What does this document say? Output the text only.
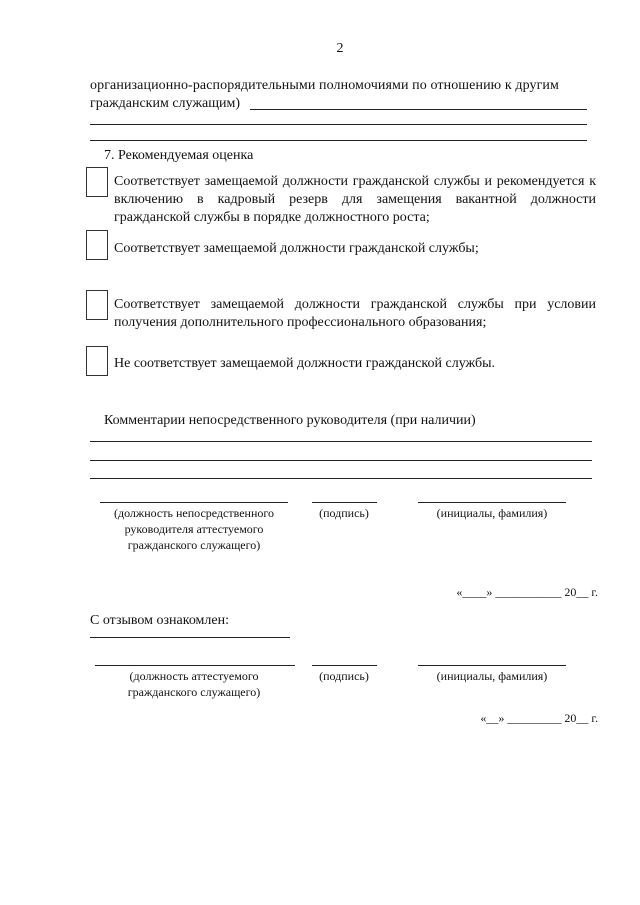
2
организационно-распорядительными полномочиями по отношению к другим
гражданским служащим)
7. Рекомендуемая оценка
Соответствует замещаемой должности гражданской службы и рекомендуется к включению в кадровый резерв для замещения вакантной должности гражданской службы в порядке должностного роста;
Соответствует замещаемой должности гражданской службы;
Соответствует замещаемой должности гражданской службы при условии получения дополнительного профессионального образования;
Не соответствует замещаемой должности гражданской службы.
Комментарии непосредственного руководителя (при наличии)
(должность непосредственного руководителя аттестуемого гражданского служащего)
(подпись)	(инициалы, фамилия)
«____» ___________ 20__ г.
С отзывом ознакомлен:
(должность аттестуемого гражданского служащего)
(подпись)	(инициалы, фамилия)
«__» _________ 20__ г.
